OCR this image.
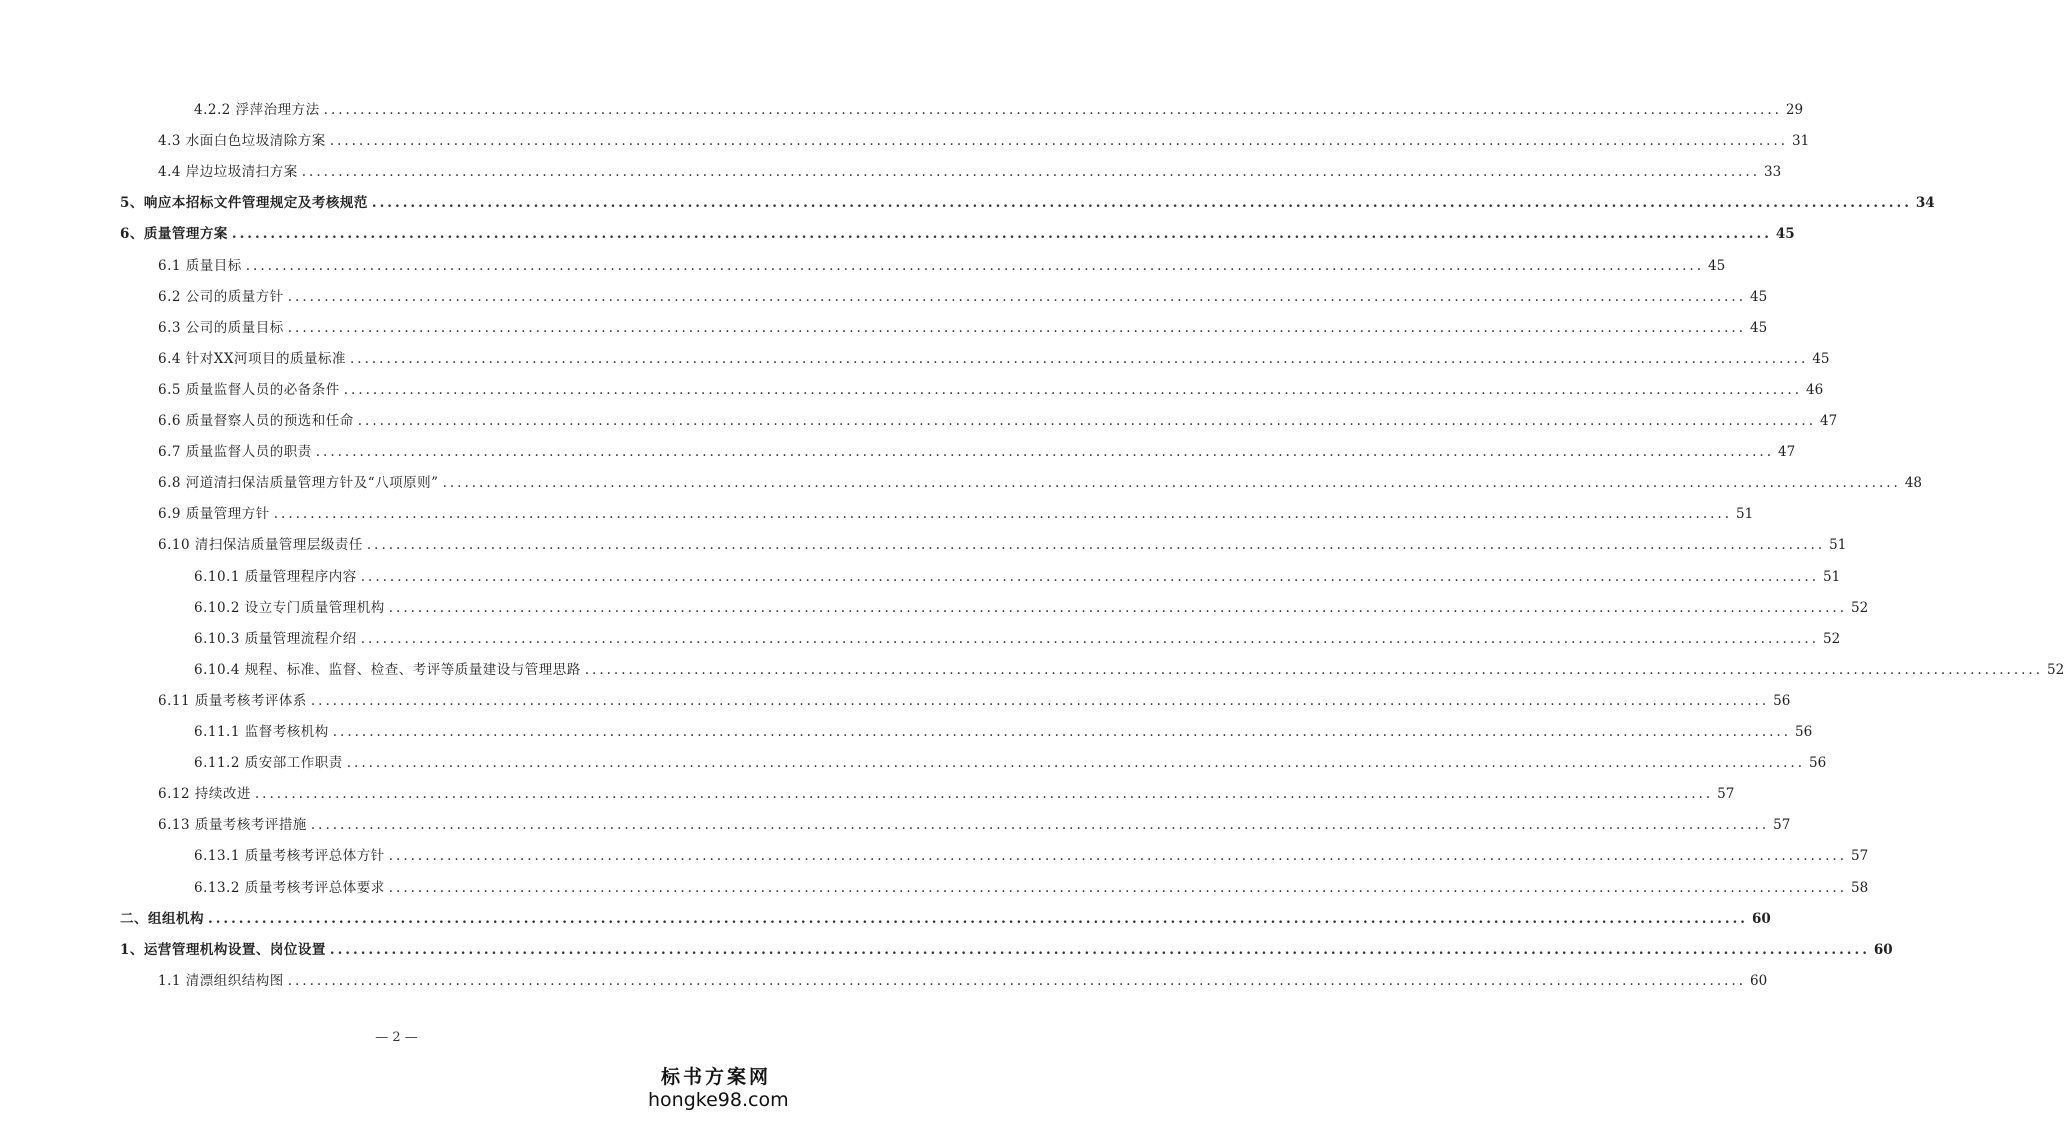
4.2.2 浮萍治理方法 ........................................................................................................................................................................................................ 29
4.3 水面白色垃圾清除方案 ........................................................................................................................................................................................................ 31
4.4 岸边垃圾清扫方案 ........................................................................................................................................................................................................ 33
5、响应本招标文件管理规定及考核规范 ........................................................................................................................................................................................................ 34
6、质量管理方案 ........................................................................................................................................................................................................ 45
6.1 质量目标 ........................................................................................................................................................................................................ 45
6.2 公司的质量方针 ........................................................................................................................................................................................................ 45
6.3 公司的质量目标 ........................................................................................................................................................................................................ 45
6.4 针对XX河项目的质量标准 ........................................................................................................................................................................................................ 45
6.5 质量监督人员的必备条件 ........................................................................................................................................................................................................ 46
6.6 质量督察人员的预选和任命 ........................................................................................................................................................................................................ 47
6.7 质量监督人员的职责 ........................................................................................................................................................................................................ 47
6.8 河道清扫保洁质量管理方针及“八项原则” ........................................................................................................................................................................................................ 48
6.9 质量管理方针 ........................................................................................................................................................................................................ 51
6.10 清扫保洁质量管理层级责任 ........................................................................................................................................................................................................ 51
6.10.1 质量管理程序内容 ........................................................................................................................................................................................................ 51
6.10.2 设立专门质量管理机构 ........................................................................................................................................................................................................ 52
6.10.3 质量管理流程介绍 ........................................................................................................................................................................................................ 52
6.10.4 规程、标准、监督、检查、考评等质量建设与管理思路 ........................................................................................................................................................................................................ 52
6.11 质量考核考评体系 ........................................................................................................................................................................................................ 56
6.11.1 监督考核机构 ........................................................................................................................................................................................................ 56
6.11.2 质安部工作职责 ........................................................................................................................................................................................................ 56
6.12 持续改进 ........................................................................................................................................................................................................ 57
6.13 质量考核考评措施 ........................................................................................................................................................................................................ 57
6.13.1 质量考核考评总体方针 ........................................................................................................................................................................................................ 57
6.13.2 质量考核考评总体要求 ........................................................................................................................................................................................................ 58
二、组组机构 ........................................................................................................................................................................................................ 60
1、运营管理机构设置、岗位设置 ........................................................................................................................................................................................................ 60
1.1 清漂组织结构图 ........................................................................................................................................................................................................ 60
— 2 —
标书方案网
hongke98.com
